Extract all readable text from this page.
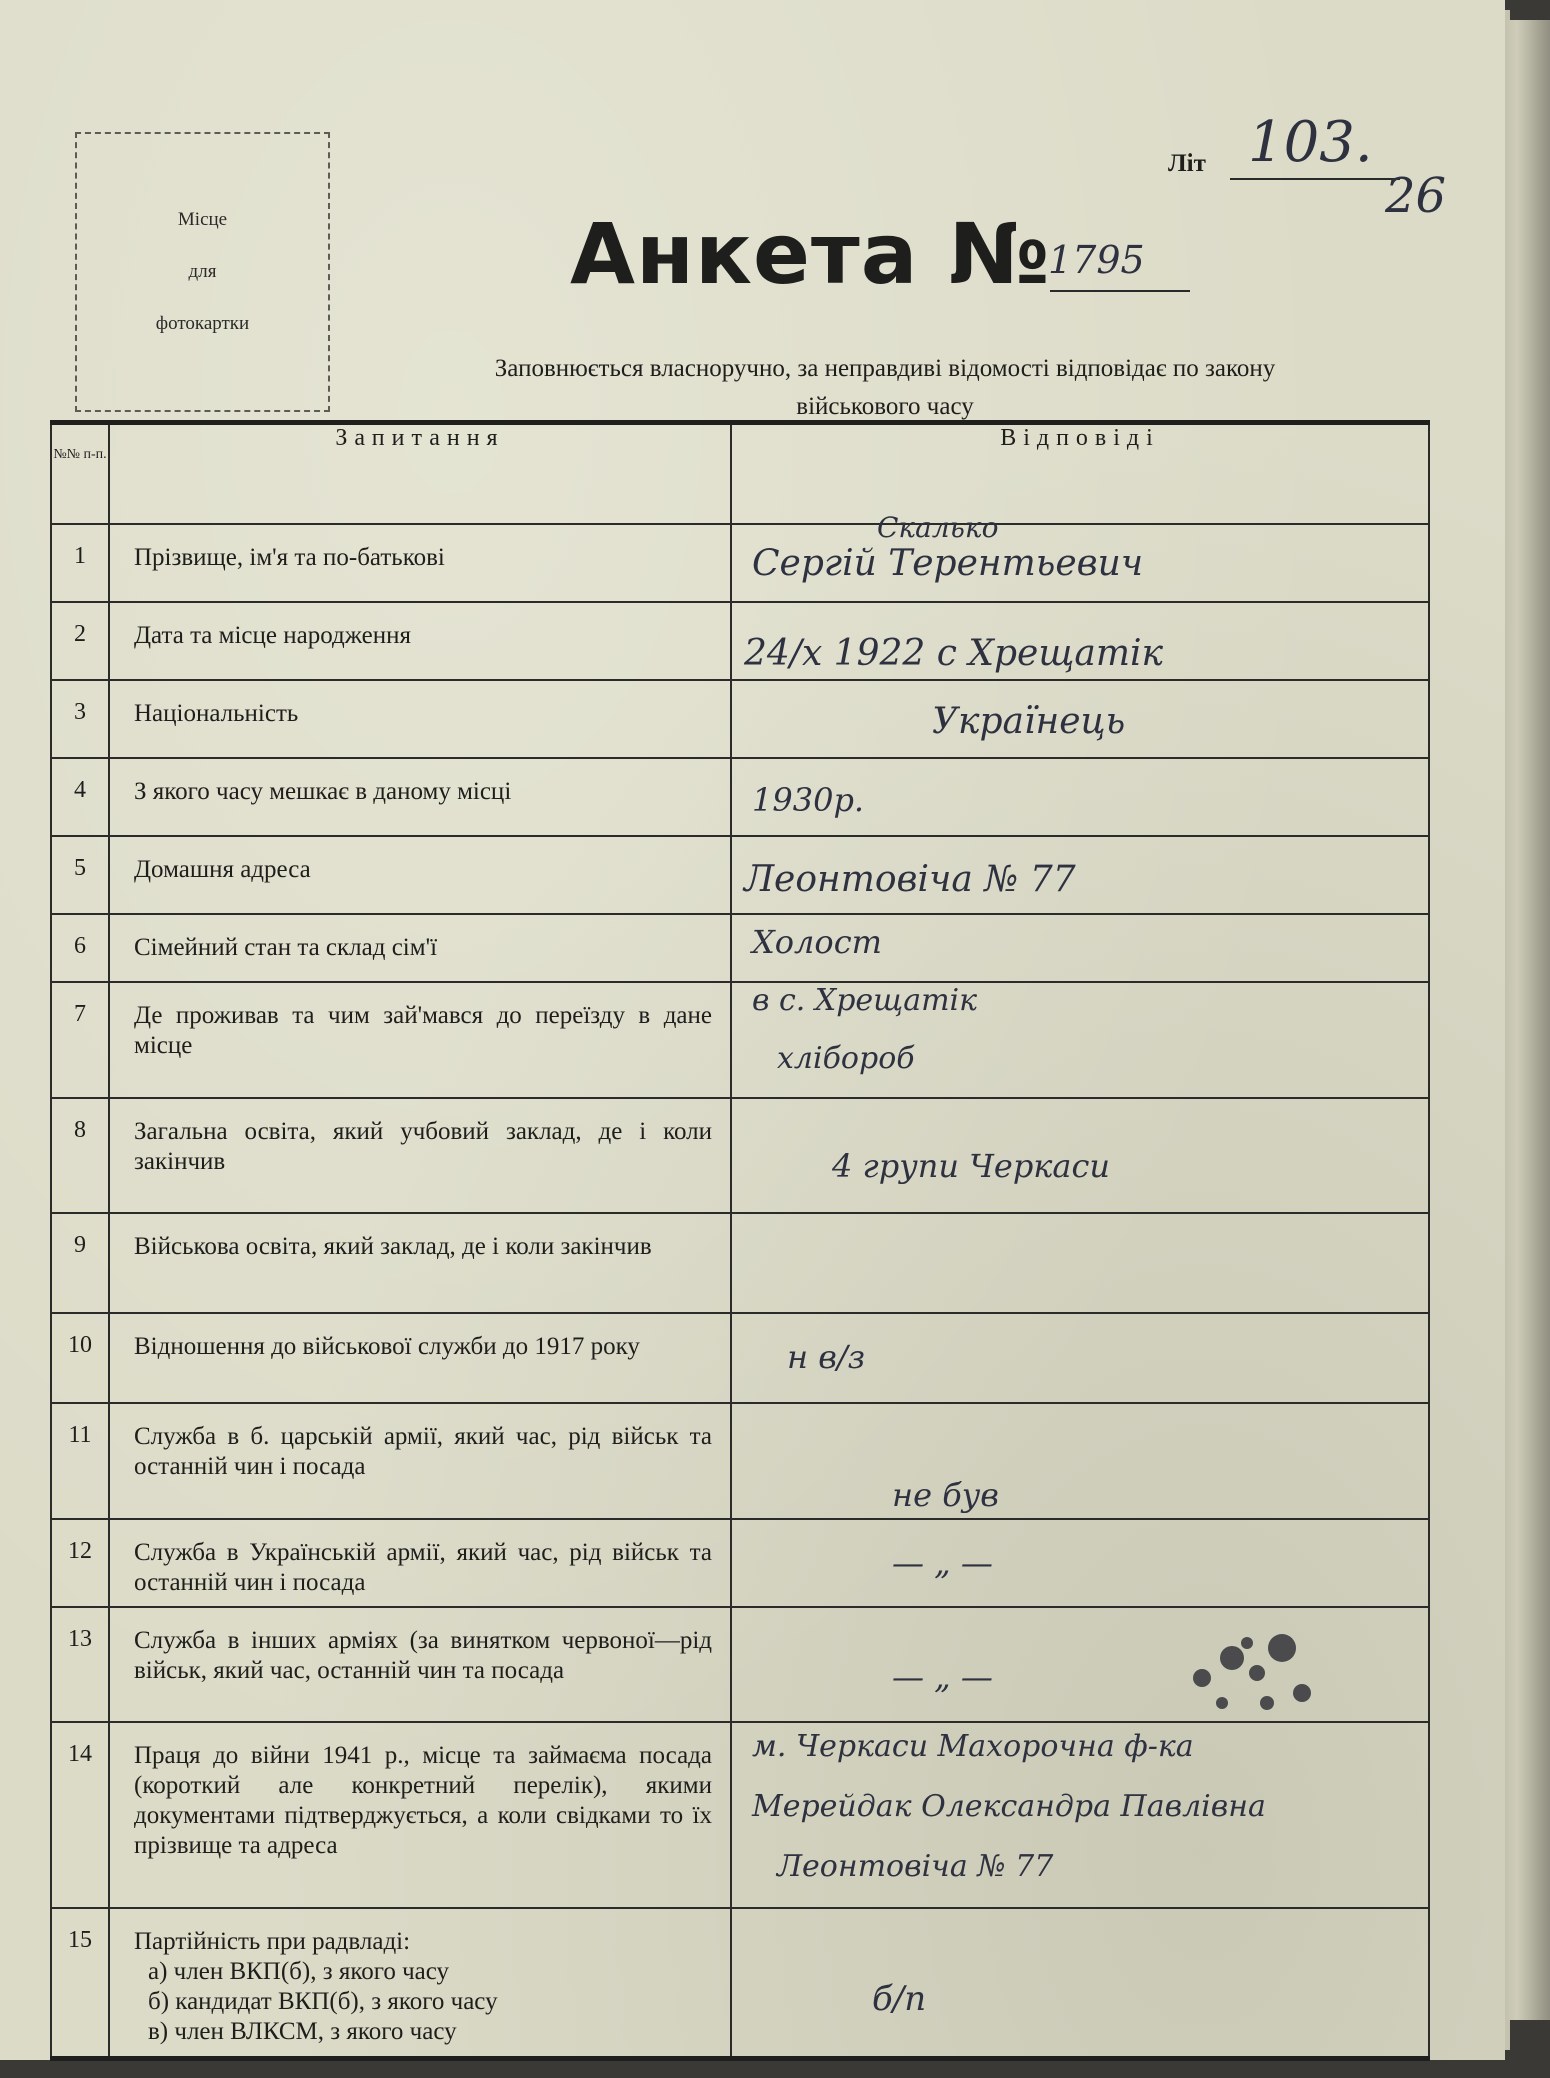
Місце
для
фотокартки
Літ 103.
26
Анкета №
1795
Заповнюється власноручно, за неправдиві відомості відповідає по закону
військового часу
№№ п-п.	Запитання	Відповіді
1	Прізвище, ім'я та по-батькові	Скалько
Сергій Терентьевич

2	Дата та місце народження	24/х 1922 с Хрещатік

3	Національність	Українець

4	З якого часу мешкає в даному місці	1930р.

5	Домашня адреса	Леонтовіча № 77

6	Сімейний стан та склад сім'ї	Холост

7	Де проживав та чим зай'мався до переїзду в дане місце	в с. Хрещатік
хлібороб

8	Загальна освіта, який учбовий заклад, де і коли закінчив	4 групи Черкаси

9	Військова освіта, який заклад, де і коли закінчив	

10	Відношення до військової служби до 1917 року	н в/з

11	Служба в б. царській армії, який час, рід військ та останній чин і посада	не був

12	Служба в Українській армії, який час, рід військ та останній чин і посада	— „ —

13	Служба в інших арміях (за винятком червоної—рід військ, який час, останній чин та посада	— „ —

14	Праця до війни 1941 р., місце та займаєма посада (короткий але конкретний перелік), якими документами підтверджується, а коли свідками то їх прізвище та адреса	м. Черкаси Махорочна ф-ка
Мерейдак Олександра Павлівна
Леонтовіча № 77

15	Партійність при радвладі:
а) член ВКП(б), з якого часу
б) кандидат ВКП(б), з якого часу
в) член ВЛКСМ, з якого часу	б/п
